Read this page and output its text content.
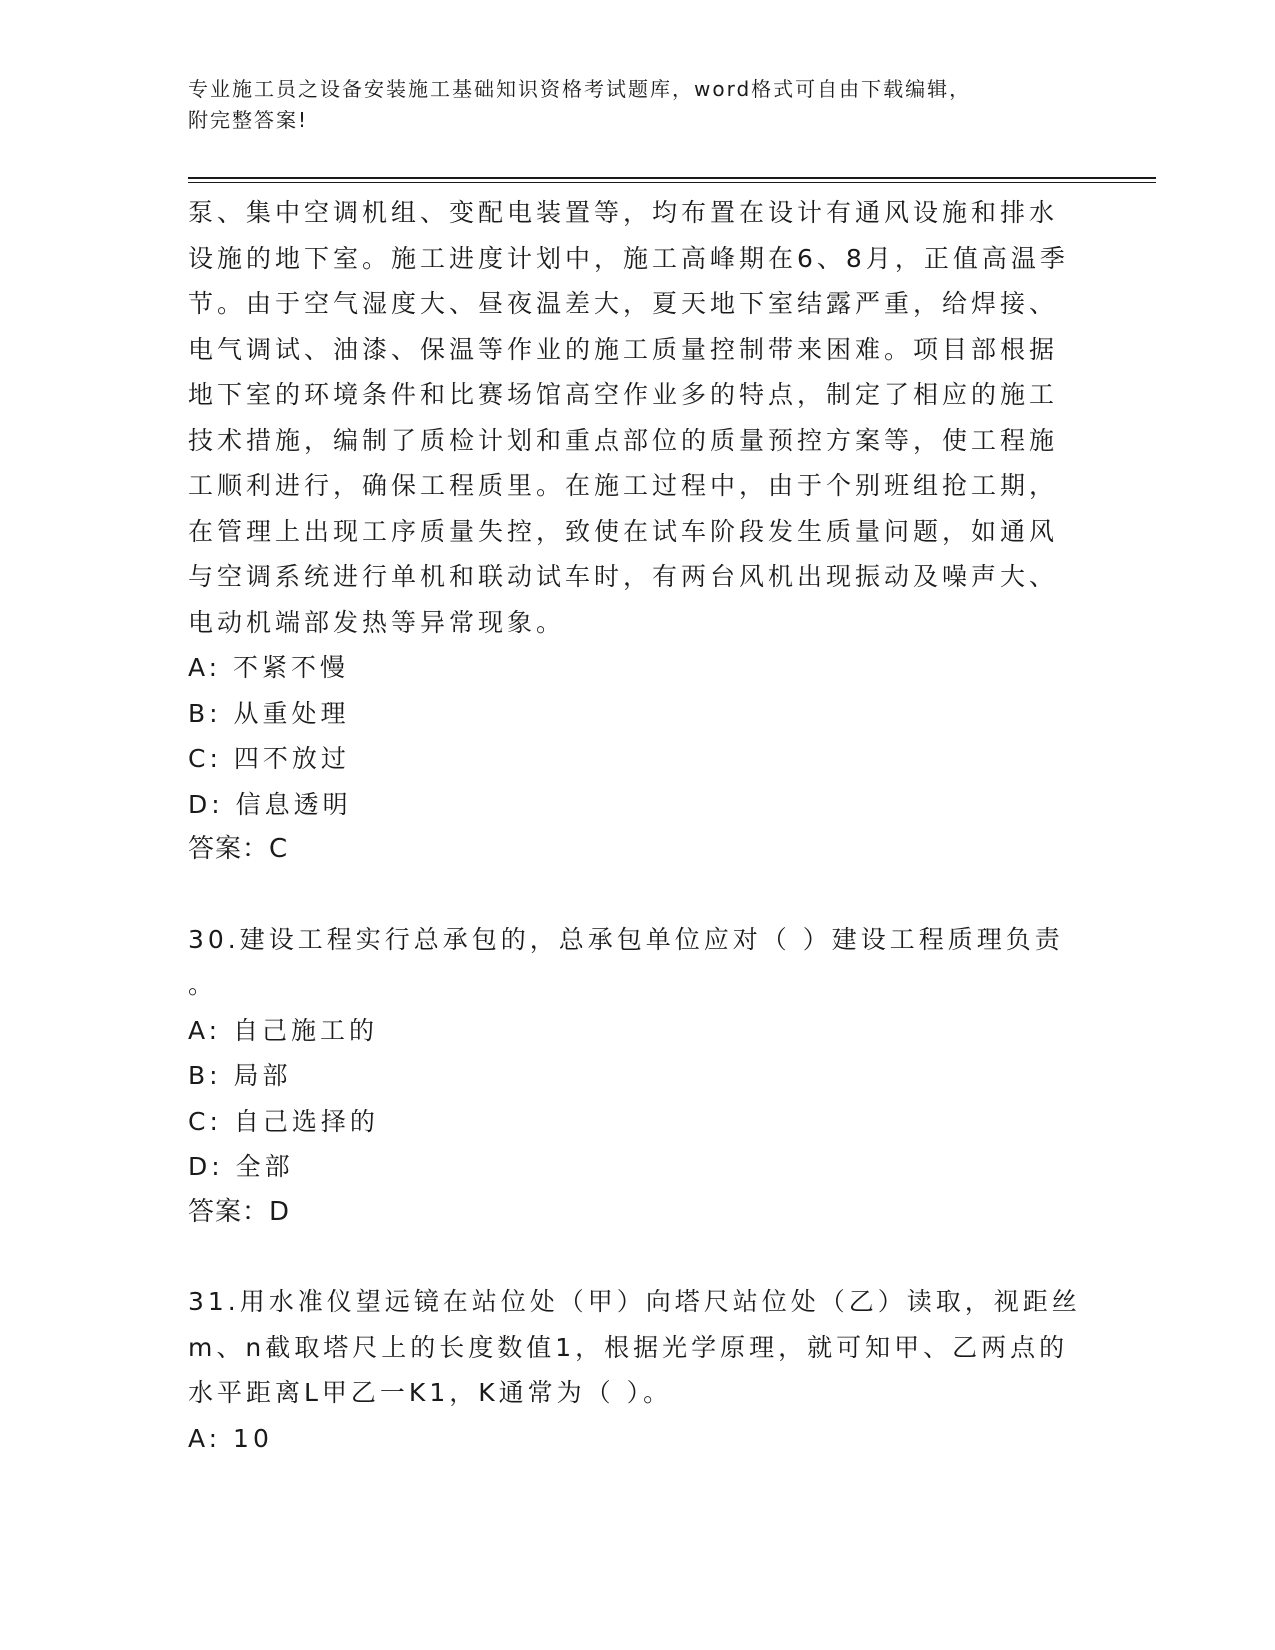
专业施工员之设备安装施工基础知识资格考试题库，word格式可自由下载编辑，
附完整答案!
泵、集中空调机组、变配电装置等，均布置在设计有通风设施和排水
设施的地下室。施工进度计划中，施工高峰期在6、8月，正值高温季
节。由于空气湿度大、昼夜温差大，夏天地下室结露严重，给焊接、
电气调试、油漆、保温等作业的施工质量控制带来困难。项目部根据
地下室的环境条件和比赛场馆高空作业多的特点，制定了相应的施工
技术措施，编制了质检计划和重点部位的质量预控方案等，使工程施
工顺利进行，确保工程质里。在施工过程中，由于个别班组抢工期，
在管理上出现工序质量失控，致使在试车阶段发生质量问题，如通风
与空调系统进行单机和联动试车时，有两台风机出现振动及噪声大、
电动机端部发热等异常现象。
A: 不紧不慢
B: 从重处理
C: 四不放过
D: 信息透明
答案：C
30.建设工程实行总承包的，总承包单位应对（ ）建设工程质理负责
。
A: 自己施工的
B: 局部
C: 自己选择的
D: 全部
答案：D
31.用水准仪望远镜在站位处（甲）向塔尺站位处（乙）读取，视距丝
m、n截取塔尺上的长度数值1，根据光学原理，就可知甲、乙两点的
水平距离L甲乙一K1，K通常为（ ）。
A: 10
